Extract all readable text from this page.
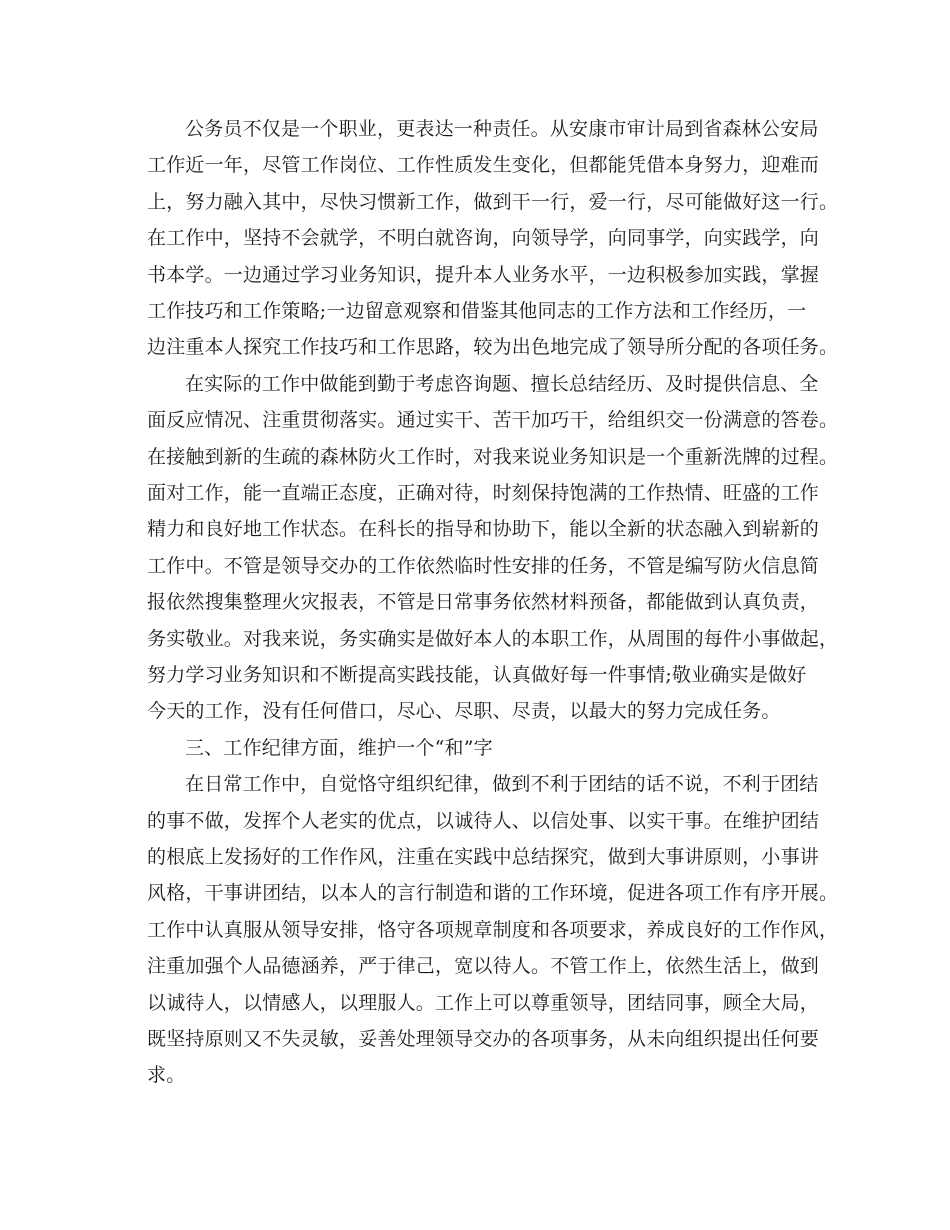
公务员不仅是一个职业，更表达一种责任。从安康市审计局到省森林公安局
工作近一年，尽管工作岗位、工作性质发生变化，但都能凭借本身努力，迎难而
上，努力融入其中，尽快习惯新工作，做到干一行，爱一行，尽可能做好这一行。
在工作中，坚持不会就学，不明白就咨询，向领导学，向同事学，向实践学，向
书本学。一边通过学习业务知识，提升本人业务水平，一边积极参加实践，掌握
工作技巧和工作策略;一边留意观察和借鉴其他同志的工作方法和工作经历，一
边注重本人探究工作技巧和工作思路，较为出色地完成了领导所分配的各项任务。
在实际的工作中做能到勤于考虑咨询题、擅长总结经历、及时提供信息、全
面反应情况、注重贯彻落实。通过实干、苦干加巧干，给组织交一份满意的答卷。
在接触到新的生疏的森林防火工作时，对我来说业务知识是一个重新洗牌的过程。
面对工作，能一直端正态度，正确对待，时刻保持饱满的工作热情、旺盛的工作
精力和良好地工作状态。在科长的指导和协助下，能以全新的状态融入到崭新的
工作中。不管是领导交办的工作依然临时性安排的任务，不管是编写防火信息简
报依然搜集整理火灾报表，不管是日常事务依然材料预备，都能做到认真负责，
务实敬业。对我来说，务实确实是做好本人的本职工作，从周围的每件小事做起，
努力学习业务知识和不断提高实践技能，认真做好每一件事情;敬业确实是做好
今天的工作，没有任何借口，尽心、尽职、尽责，以最大的努力完成任务。
三、工作纪律方面，维护一个“和”字
在日常工作中，自觉恪守组织纪律，做到不利于团结的话不说，不利于团结
的事不做，发挥个人老实的优点，以诚待人、以信处事、以实干事。在维护团结
的根底上发扬好的工作作风，注重在实践中总结探究，做到大事讲原则，小事讲
风格，干事讲团结，以本人的言行制造和谐的工作环境，促进各项工作有序开展。
工作中认真服从领导安排，恪守各项规章制度和各项要求，养成良好的工作作风，
注重加强个人品德涵养，严于律己，宽以待人。不管工作上，依然生活上，做到
以诚待人，以情感人，以理服人。工作上可以尊重领导，团结同事，顾全大局，
既坚持原则又不失灵敏，妥善处理领导交办的各项事务，从未向组织提出任何要
求。
